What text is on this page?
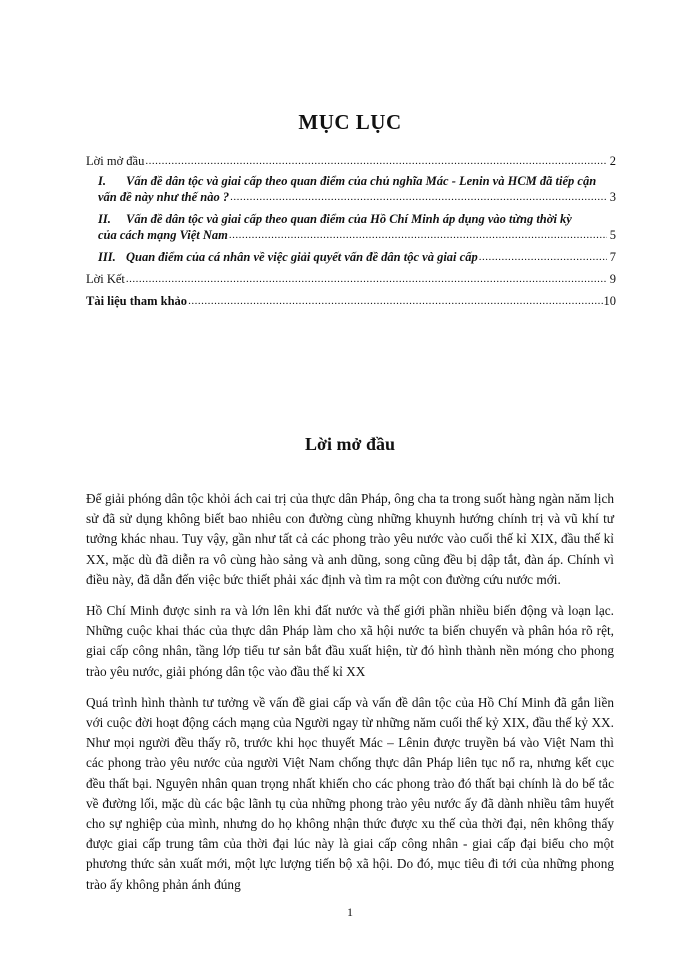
MỤC LỤC
Lời mở đầu .....	2
I. Vấn đề dân tộc và giai cấp theo quan điểm của chủ nghĩa Mác - Lenin và HCM đã tiếp cận
vấn đề này như thế nào ? .....	3
II. Vấn đề dân tộc và giai cấp theo quan điểm của Hồ Chí Minh áp dụng vào từng thời kỳ
của cách mạng Việt Nam .....	5
III. Quan điểm của cá nhân về việc giải quyết vấn đề dân tộc và giai cấp .....	7
Lời Kết .....	9
Tài liệu tham khảo .....	10
Lời mở đầu

Để giải phóng dân tộc khỏi ách cai trị của thực dân Pháp, ông cha ta trong suốt hàng ngàn năm lịch sử đã sử dụng không biết bao nhiêu con đường cùng những khuynh hướng chính trị và vũ khí tư tưởng khác nhau. Tuy vậy, gần như tất cả các phong trào yêu nước vào cuối thế kỉ XIX, đầu thế kỉ XX, mặc dù đã diễn ra vô cùng hào sảng và anh dũng, song cũng đều bị dập tắt, đàn áp. Chính vì điều này, đã dẫn đến việc bức thiết phải xác định và tìm ra một con đường cứu nước mới.

Hồ Chí Minh được sinh ra và lớn lên khi đất nước và thế giới phần nhiều biến động và loạn lạc. Những cuộc khai thác của thực dân Pháp làm cho xã hội nước ta biến chuyển và phân hóa rõ rệt, giai cấp công nhân, tầng lớp tiểu tư sản bắt đầu xuất hiện, từ đó hình thành nền móng cho phong trào yêu nước, giải phóng dân tộc vào đầu thế kỉ XX

Quá trình hình thành tư tưởng về vấn đề giai cấp và vấn đề dân tộc của Hồ Chí Minh đã gắn liền với cuộc đời hoạt động cách mạng của Người ngay từ những năm cuối thế kỷ XIX, đầu thế kỷ XX. Như mọi người đều thấy rõ, trước khi học thuyết Mác – Lênin được truyền bá vào Việt Nam thì các phong trào yêu nước của người Việt Nam chống thực dân Pháp liên tục nổ ra, nhưng kết cục đều thất bại. Nguyên nhân quan trọng nhất khiến cho các phong trào đó thất bại chính là do bế tắc về đường lối, mặc dù các bậc lãnh tụ của những phong trào yêu nước ấy đã dành nhiều tâm huyết cho sự nghiệp của mình, nhưng do họ không nhận thức được xu thế của thời đại, nên không thấy được giai cấp trung tâm của thời đại lúc này là giai cấp công nhân - giai cấp đại biểu cho một phương thức sản xuất mới, một lực lượng tiến bộ xã hội. Do đó, mục tiêu đi tới của những phong trào ấy không phản ánh đúng

1
